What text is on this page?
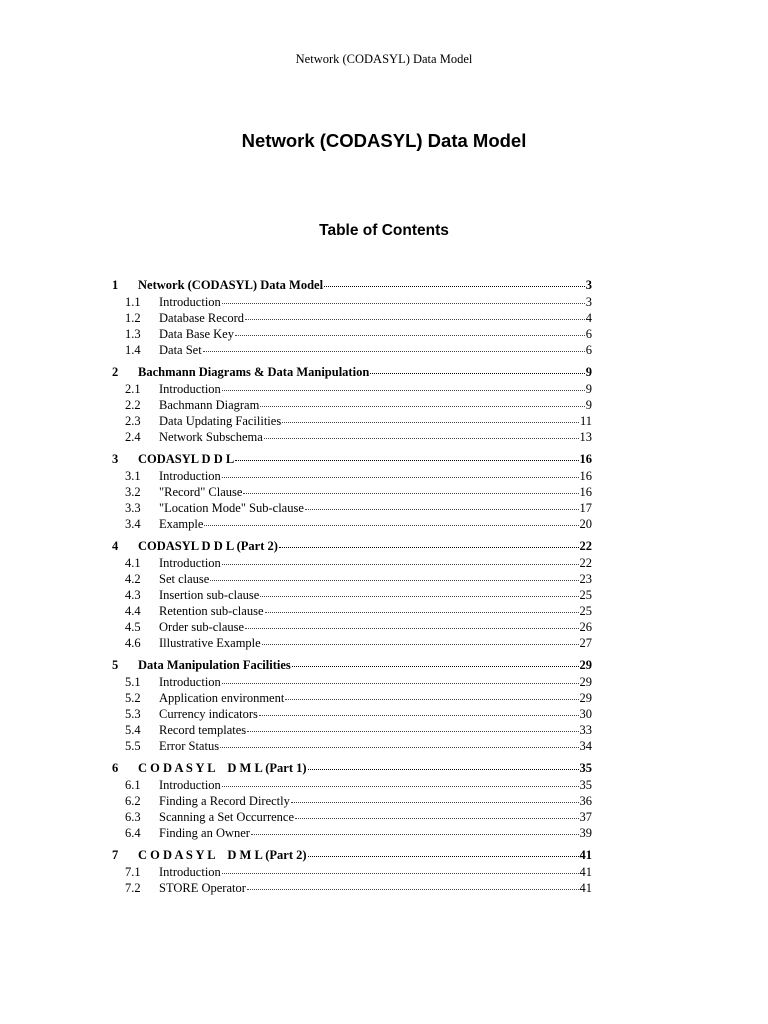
Network (CODASYL) Data Model
Network (CODASYL) Data Model
Table of Contents
1	Network (CODASYL) Data Model	3
1.1	Introduction	3
1.2	Database Record	4
1.3	Data Base Key	6
1.4	Data Set	6
2	Bachmann Diagrams & Data Manipulation	9
2.1	Introduction	9
2.2	Bachmann Diagram	9
2.3	Data Updating Facilities	11
2.4	Network Subschema	13
3	CODASYL D D L	16
3.1	Introduction	16
3.2	"Record" Clause	16
3.3	"Location Mode" Sub-clause	17
3.4	Example	20
4	CODASYL D D L (Part 2)	22
4.1	Introduction	22
4.2	Set clause	23
4.3	Insertion sub-clause	25
4.4	Retention sub-clause	25
4.5	Order sub-clause	26
4.6	Illustrative Example	27
5	Data Manipulation Facilities	29
5.1	Introduction	29
5.2	Application environment	29
5.3	Currency indicators	30
5.4	Record templates	33
5.5	Error Status	34
6	C O D A S Y L    D M L (Part 1)	35
6.1	Introduction	35
6.2	Finding a Record Directly	36
6.3	Scanning a Set Occurrence	37
6.4	Finding an Owner	39
7	C O D A S Y L    D M L (Part 2)	41
7.1	Introduction	41
7.2	STORE Operator	41
